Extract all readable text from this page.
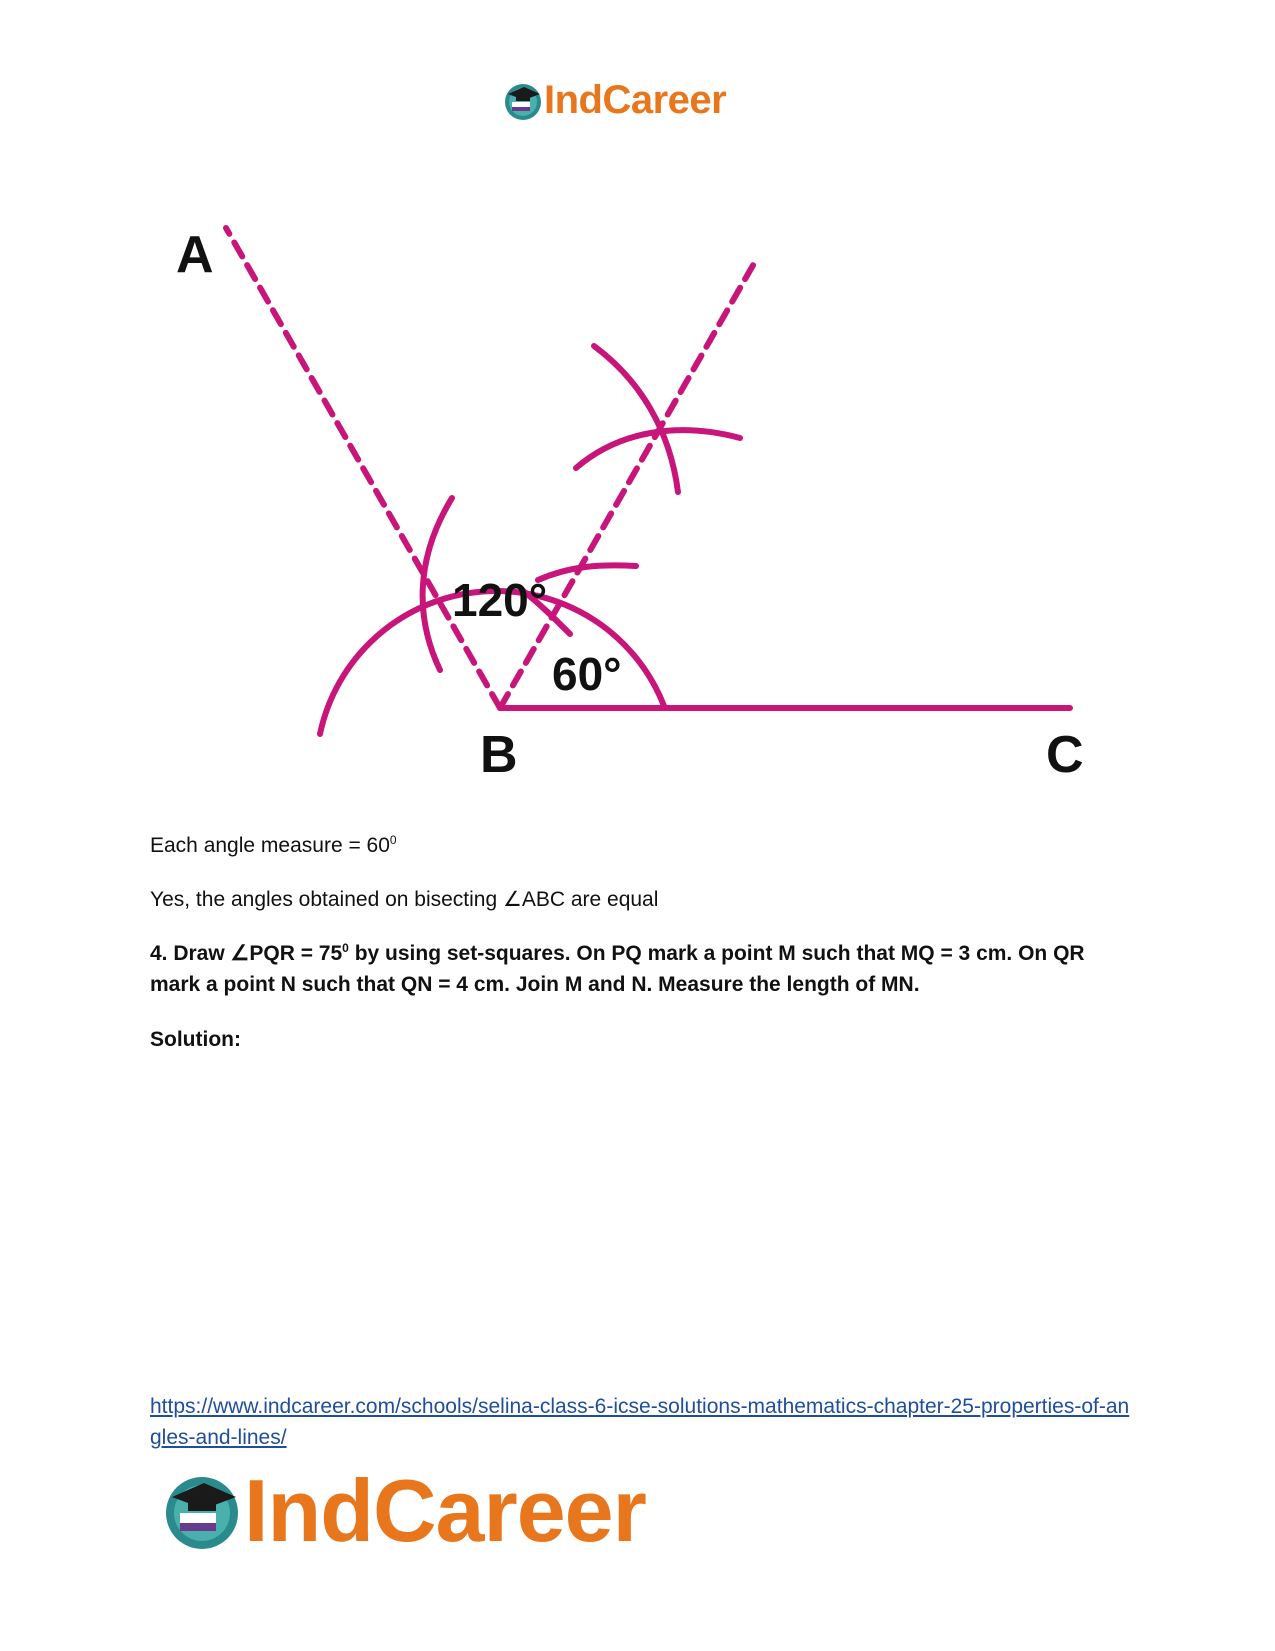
IndCareer
A
B	C
120°
60°
Each angle measure = $60^0$
Yes, the angles obtained on bisecting ∠ABC are equal
4. Draw ∠PQR = $75^0$ by using set-squares. On PQ mark a point M such that MQ = 3 cm. On QR mark a point N such that QN = 4 cm. Join M and N. Measure the length of MN.
Solution:
https://www.indcareer.com/schools/selina-class-6-icse-solutions-mathematics-chapter-25-properties-of-angles-and-lines/
IndCareer
